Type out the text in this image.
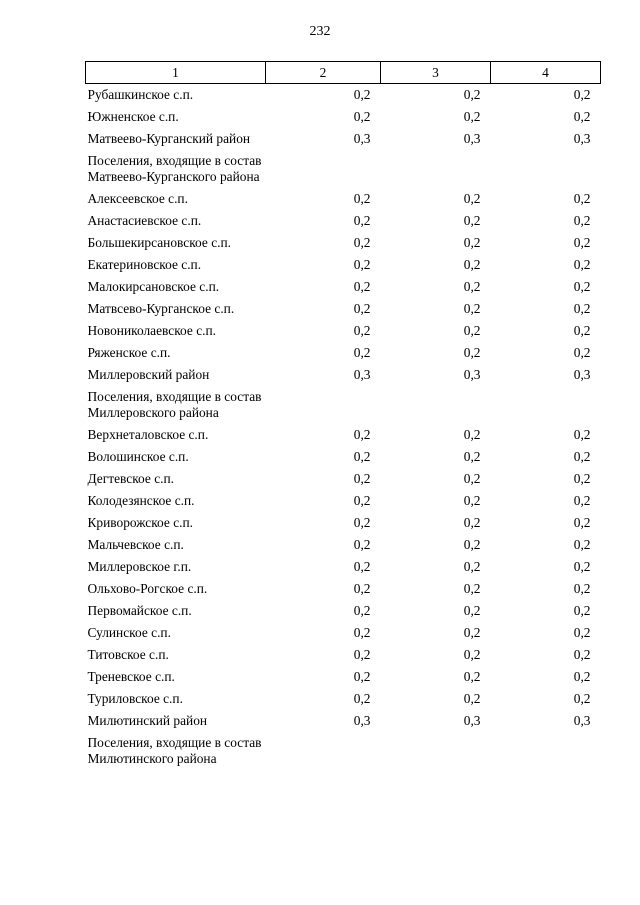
232
1	2	3	4
Рубашкинское с.п.	0,2	0,2	0,2
Южненское с.п.	0,2	0,2	0,2
Матвеево-Курганский район	0,3	0,3	0,3
Поселения, входящие в состав Матвеево-Курганского района			
Алексеевское с.п.	0,2	0,2	0,2
Анастасиевское с.п.	0,2	0,2	0,2
Большекирсановское с.п.	0,2	0,2	0,2
Екатериновское с.п.	0,2	0,2	0,2
Малокирсановское с.п.	0,2	0,2	0,2
Матвсево-Курганское с.п.	0,2	0,2	0,2
Новониколаевское с.п.	0,2	0,2	0,2
Ряженское с.п.	0,2	0,2	0,2
Миллеровский район	0,3	0,3	0,3
Поселения, входящие в состав Миллеровского района			
Верхнеталовское с.п.	0,2	0,2	0,2
Волошинское с.п.	0,2	0,2	0,2
Дегтевское с.п.	0,2	0,2	0,2
Колодезянское с.п.	0,2	0,2	0,2
Криворожское с.п.	0,2	0,2	0,2
Мальчевское с.п.	0,2	0,2	0,2
Миллеровское г.п.	0,2	0,2	0,2
Ольхово-Рогское с.п.	0,2	0,2	0,2
Первомайское с.п.	0,2	0,2	0,2
Сулинское с.п.	0,2	0,2	0,2
Титовское с.п.	0,2	0,2	0,2
Треневское с.п.	0,2	0,2	0,2
Туриловское с.п.	0,2	0,2	0,2
Милютинский район	0,3	0,3	0,3
Поселения, входящие в состав Милютинского района			
